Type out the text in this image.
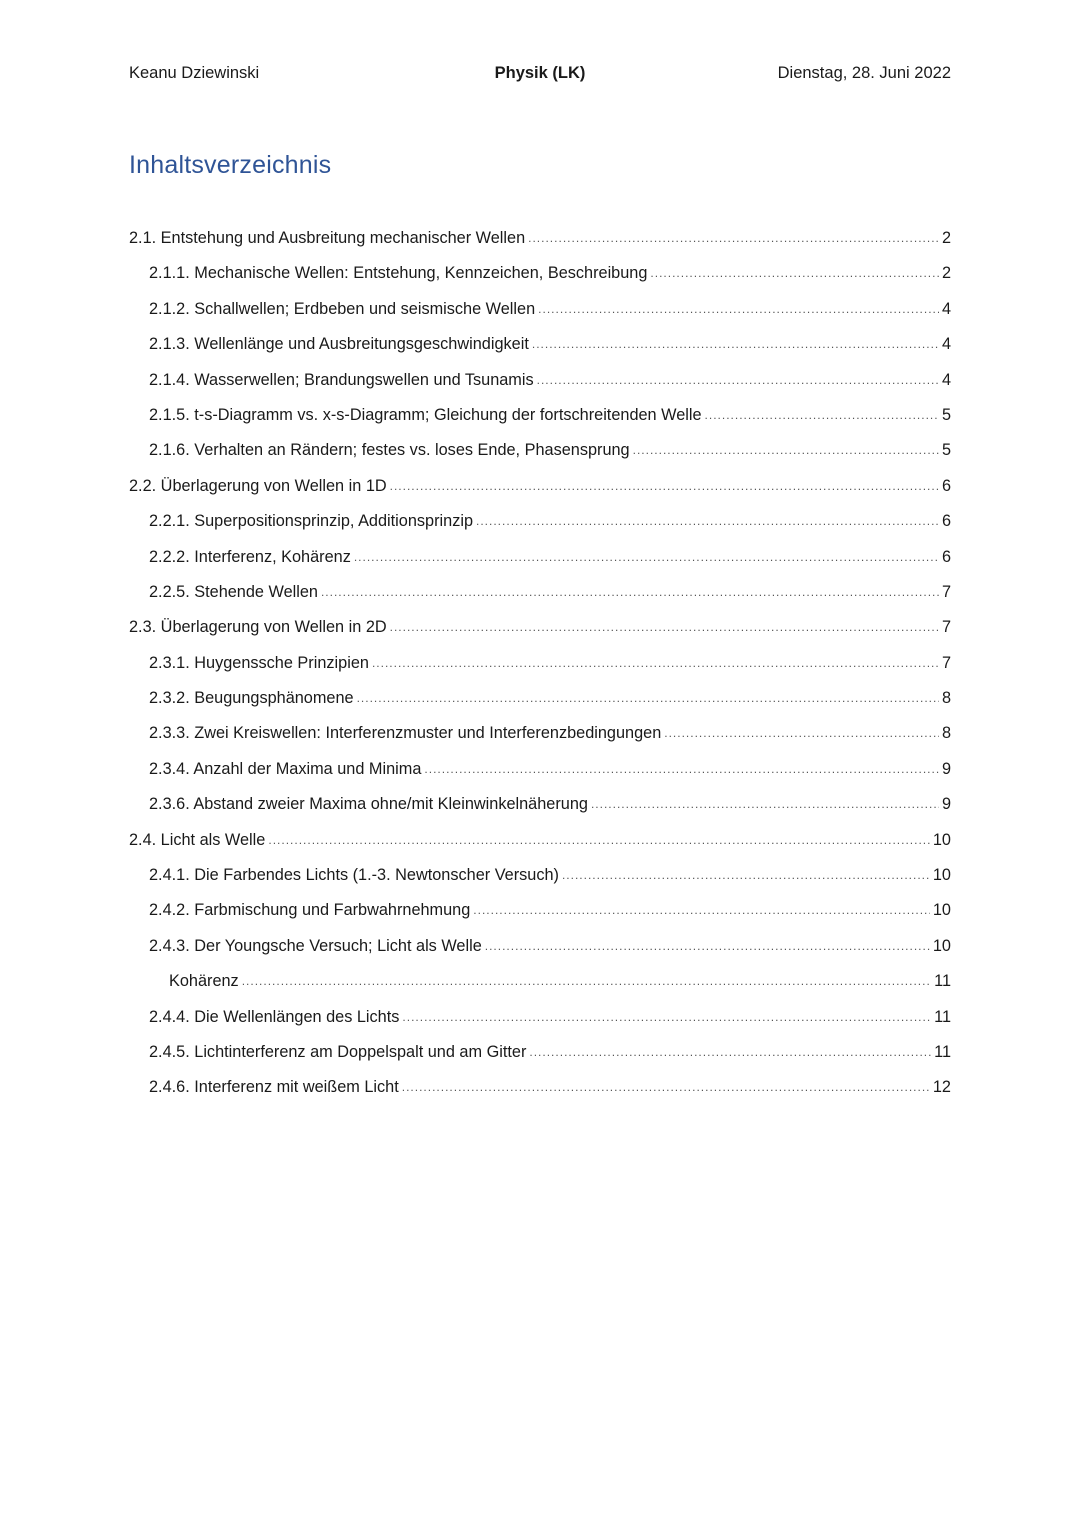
Keanu Dziewinski	Physik (LK)	Dienstag, 28. Juni 2022
Inhaltsverzeichnis
2.1. Entstehung und Ausbreitung mechanischer Wellen .....	2
2.1.1. Mechanische Wellen: Entstehung, Kennzeichen, Beschreibung .....	2
2.1.2. Schallwellen; Erdbeben und seismische Wellen .....	4
2.1.3. Wellenlänge und Ausbreitungsgeschwindigkeit .....	4
2.1.4. Wasserwellen; Brandungswellen und Tsunamis .....	4
2.1.5. t-s-Diagramm vs. x-s-Diagramm; Gleichung der fortschreitenden Welle .....	5
2.1.6. Verhalten an Rändern; festes vs. loses Ende, Phasensprung .....	5
2.2. Überlagerung von Wellen in 1D .....	6
2.2.1. Superpositionsprinzip, Additionsprinzip .....	6
2.2.2. Interferenz, Kohärenz .....	6
2.2.5. Stehende Wellen .....	7
2.3. Überlagerung von Wellen in 2D .....	7
2.3.1. Huygenssche Prinzipien .....	7
2.3.2. Beugungsphänomene .....	8
2.3.3. Zwei Kreiswellen: Interferenzmuster und Interferenzbedingungen .....	8
2.3.4. Anzahl der Maxima und Minima .....	9
2.3.6. Abstand zweier Maxima ohne/mit Kleinwinkelnäherung .....	9
2.4. Licht als Welle .....	10
2.4.1. Die Farbendes Lichts (1.-3. Newtonscher Versuch) .....	10
2.4.2. Farbmischung und Farbwahrnehmung .....	10
2.4.3. Der Youngsche Versuch; Licht als Welle .....	10
Kohärenz .....	11
2.4.4. Die Wellenlängen des Lichts .....	11
2.4.5. Lichtinterferenz am Doppelspalt und am Gitter .....	11
2.4.6. Interferenz mit weißem Licht .....	12
